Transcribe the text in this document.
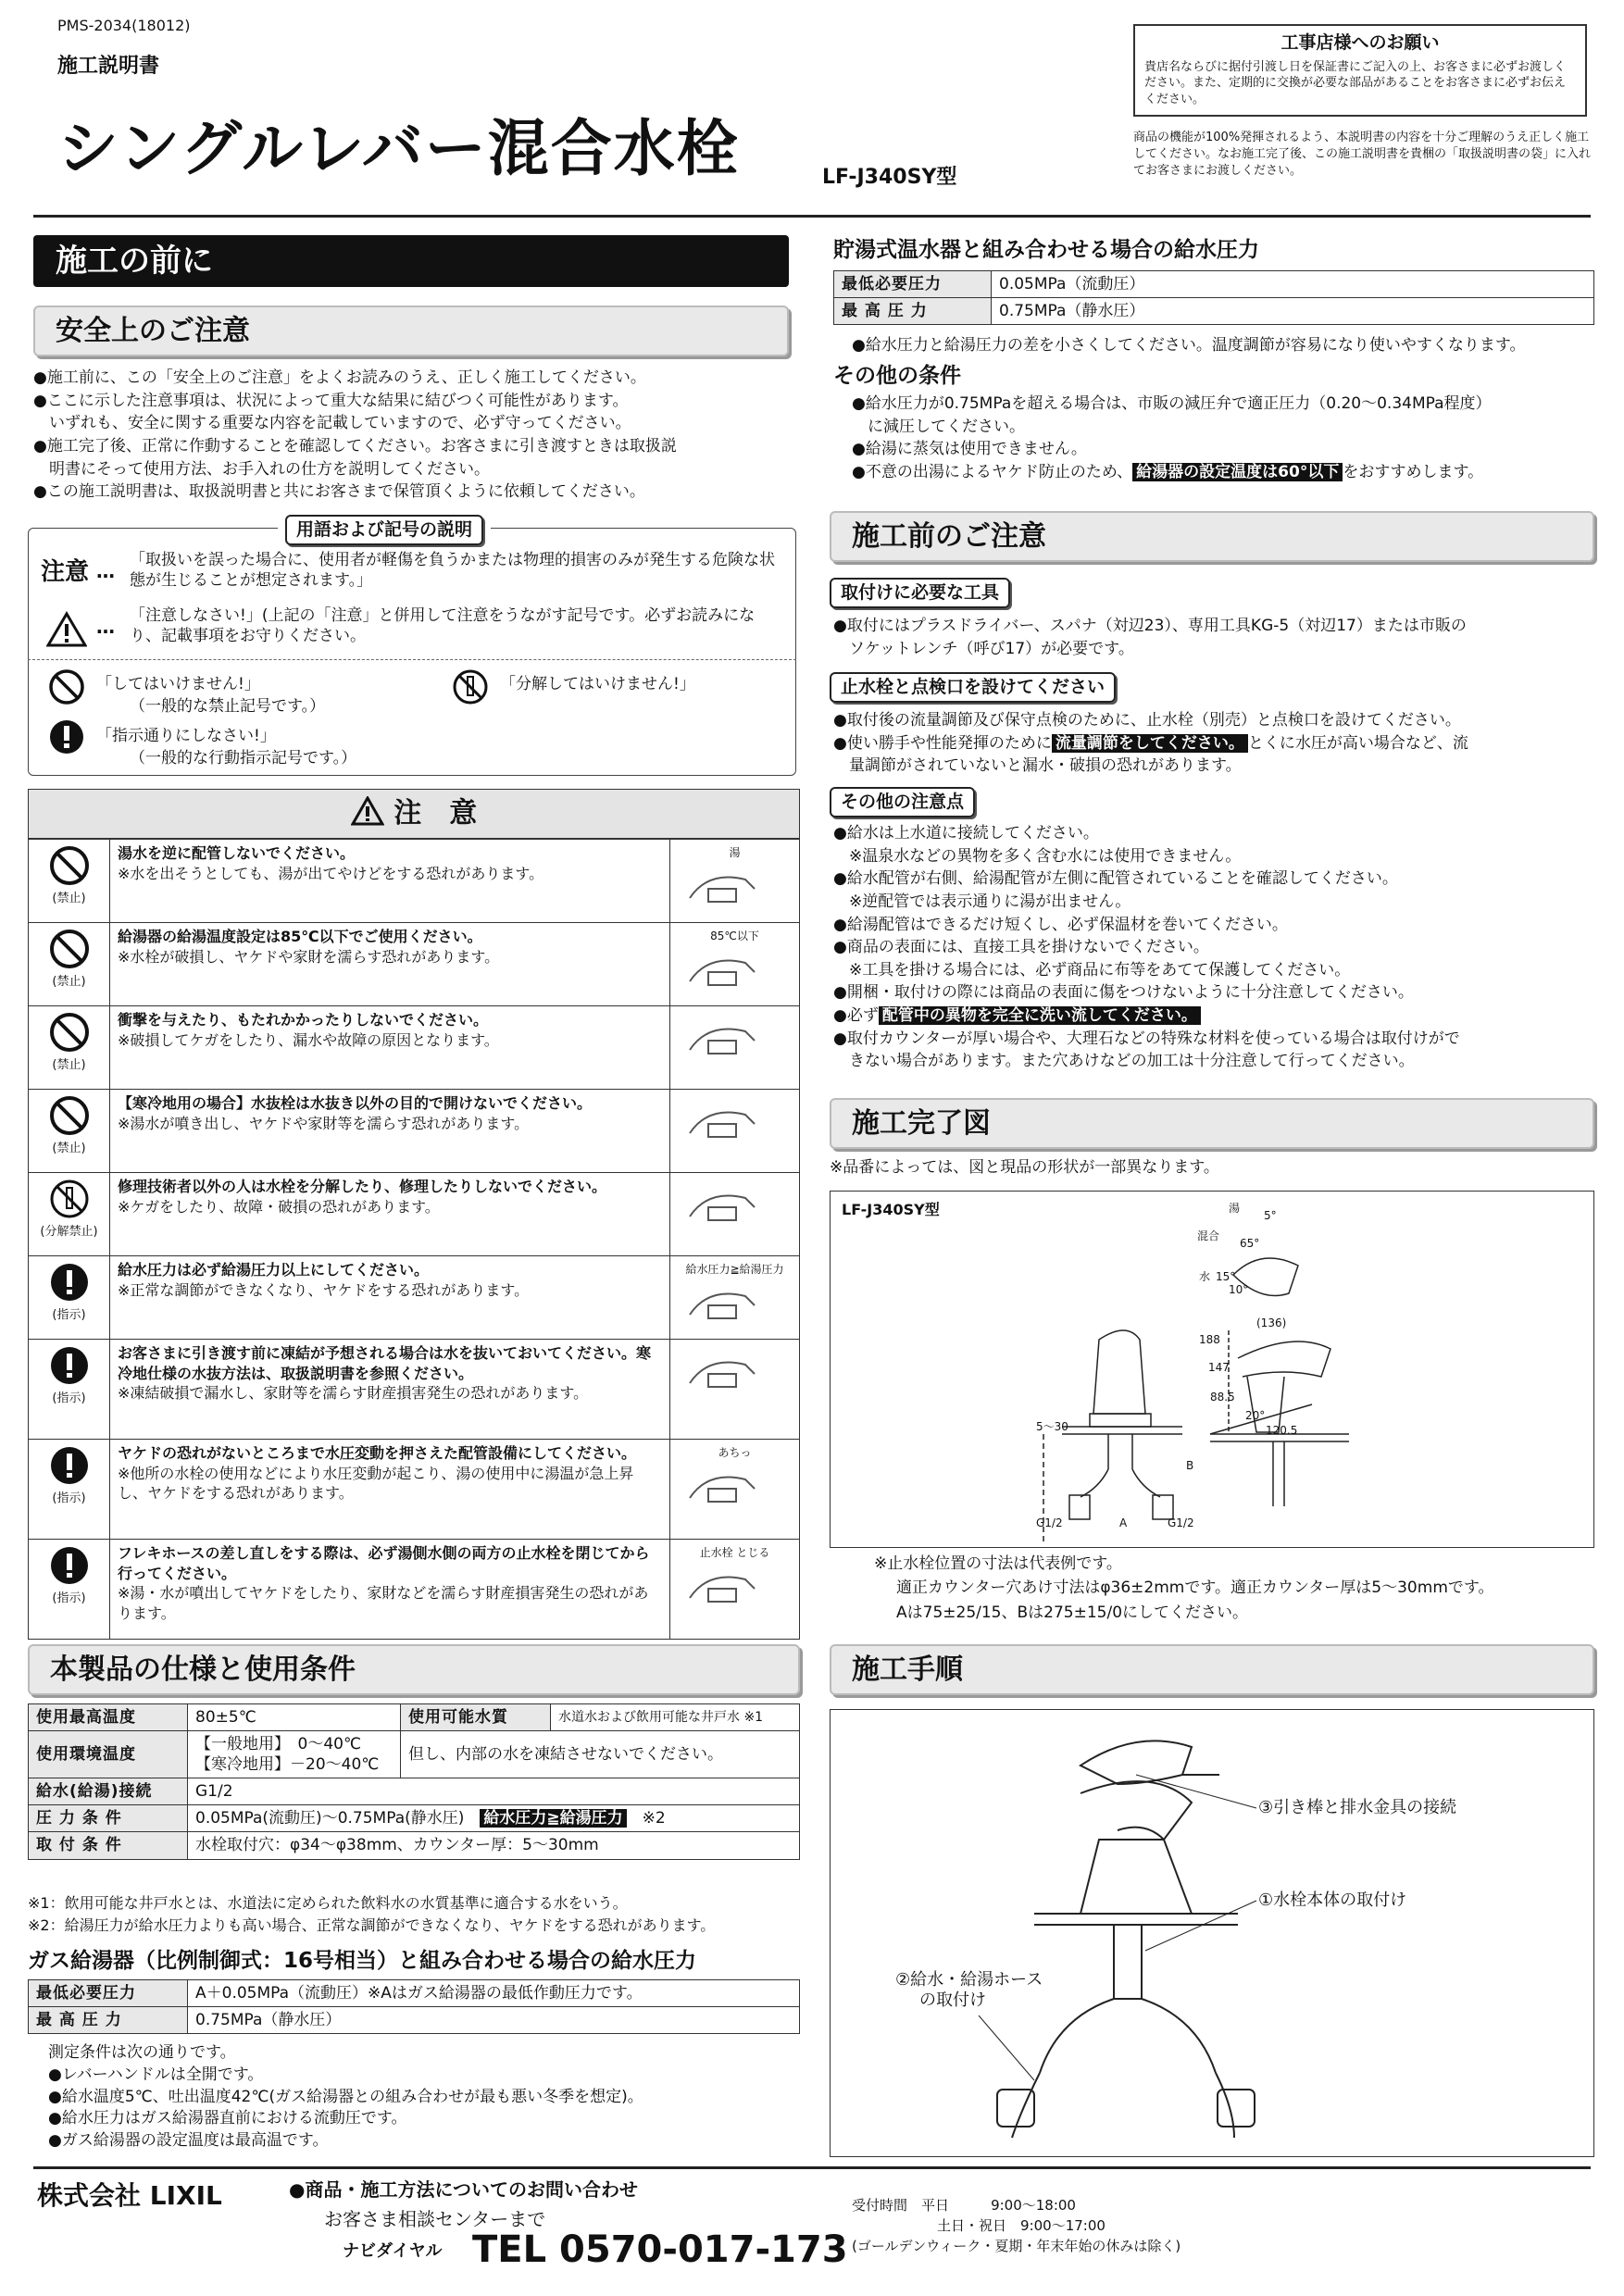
PMS-2034(18012)
施工説明書
シングルレバー混合水栓	LF-J340SY型
工事店様へのお願い
貴店名ならびに据付引渡し日を保証書にご記入の上、お客さまに必ずお渡しください。また、定期的に交換が必要な部品があることをお客さまに必ずお伝えください。
商品の機能が100%発揮されるよう、本説明書の内容を十分ご理解のうえ正しく施工してください。なお施工完了後、この施工説明書を貴梱の「取扱説明書の袋」に入れてお客さまにお渡しください。
施工の前に
安全上のご注意
●施工前に、この「安全上のご注意」をよくお読みのうえ、正しく施工してください。
●ここに示した注意事項は、状況によって重大な結果に結びつく可能性があります。
　いずれも、安全に関する重要な内容を記載していますので、必ず守ってください。
●施工完了後、正常に作動することを確認してください。お客さまに引き渡すときは取扱説
　明書にそって使用方法、お手入れの仕方を説明してください。
●この施工説明書は、取扱説明書と共にお客さまで保管頂くように依頼してください。
用語および記号の説明
注意 … 「取扱いを誤った場合に、使用者が軽傷を負うかまたは物理的損害のみが発生する危険な状態が生じることが想定されます。」
… 「注意しなさい!」(上記の「注意」と併用して注意をうながす記号です。必ずお読みになり、記載事項をお守りください。
「してはいけません!」
（一般的な禁止記号です。）
「分解してはいけません!」
「指示通りにしなさい!」
（一般的な行動指示記号です。）
注　意
(禁止)	湯水を逆に配管しないでください。
※水を出そうとしても、湯が出てやけどをする恐れがあります。	湯

(禁止)	給湯器の給湯温度設定は85℃以下でご使用ください。
※水栓が破損し、ヤケドや家財を濡らす恐れがあります。	85℃以下

(禁止)	衝撃を与えたり、もたれかかったりしないでください。
※破損してケガをしたり、漏水や故障の原因となります。

(禁止)	【寒冷地用の場合】水抜栓は水抜き以外の目的で開けないでください。
※湯水が噴き出し、ヤケドや家財等を濡らす恐れがあります。

(分解禁止)	修理技術者以外の人は水栓を分解したり、修理したりしないでください。
※ケガをしたり、故障・破損の恐れがあります。

(指示)	給水圧力は必ず給湯圧力以上にしてください。
※正常な調節ができなくなり、ヤケドをする恐れがあります。	給水圧力≧給湯圧力

(指示)	お客さまに引き渡す前に凍結が予想される場合は水を抜いておいてください。寒冷地仕様の水抜方法は、取扱説明書を参照ください。
※凍結破損で漏水し、家財等を濡らす財産損害発生の恐れがあります。

(指示)	ヤケドの恐れがないところまで水圧変動を押さえた配管設備にしてください。
※他所の水栓の使用などにより水圧変動が起こり、湯の使用中に湯温が急上昇し、ヤケドをする恐れがあります。	あちっ

(指示)	フレキホースの差し直しをする際は、必ず湯側水側の両方の止水栓を閉じてから行ってください。
※湯・水が噴出してヤケドをしたり、家財などを濡らす財産損害発生の恐れがあります。	止水栓 とじる
本製品の仕様と使用条件
使用最高温度	80±5℃	使用可能水質	水道水および飲用可能な井戸水 ※1
使用環境温度	【一般地用】　0〜40℃
【寒冷地用】－20〜40℃	但し、内部の水を凍結させないでください。	
給水(給湯)接続	G1/2		
圧 力 条 件	0.05MPa(流動圧)〜0.75MPa(静水圧)　 給水圧力≧給湯圧力　 ※2		
取 付 条 件	水栓取付穴：φ34〜φ38mm、カウンター厚：5〜30mm		
※1：飲用可能な井戸水とは、水道法に定められた飲料水の水質基準に適合する水をいう。
※2：給湯圧力が給水圧力よりも高い場合、正常な調節ができなくなり、ヤケドをする恐れがあります。
ガス給湯器（比例制御式：16号相当）と組み合わせる場合の給水圧力
最低必要圧力	A＋0.05MPa（流動圧）※Aはガス給湯器の最低作動圧力です。
最 高 圧 力	0.75MPa（静水圧）
測定条件は次の通りです。
●レバーハンドルは全開です。
●給水温度5℃、吐出温度42℃(ガス給湯器との組み合わせが最も悪い冬季を想定)。
●給水圧力はガス給湯器直前における流動圧です。
●ガス給湯器の設定温度は最高温です。
貯湯式温水器と組み合わせる場合の給水圧力
最低必要圧力	0.05MPa（流動圧）
最 高 圧 力	0.75MPa（静水圧）
●給水圧力と給湯圧力の差を小さくしてください。温度調節が容易になり使いやすくなります。
その他の条件
●給水圧力が0.75MPaを超える場合は、市販の減圧弁で適正圧力（0.20〜0.34MPa程度）
　に減圧してください。
●給湯に蒸気は使用できません。
●不意の出湯によるヤケド防止のため、 給湯器の設定温度は60°以下 をおすすめします。
施工前のご注意
取付けに必要な工具
●取付にはプラスドライバー、スパナ（対辺23）、専用工具KG-5（対辺17）または市販の
　ソケットレンチ（呼び17）が必要です。
止水栓と点検口を設けてください
●取付後の流量調節及び保守点検のために、止水栓（別売）と点検口を設けてください。
●使い勝手や性能発揮のために 流量調節をしてください。 とくに水圧が高い場合など、流
　量調節がされていないと漏水・破損の恐れがあります。
その他の注意点
●給水は上水道に接続してください。
　※温泉水などの異物を多く含む水には使用できません。
●給水配管が右側、給湯配管が左側に配管されていることを確認してください。
　※逆配管では表示通りに湯が出ません。
●給湯配管はできるだけ短くし、必ず保温材を巻いてください。
●商品の表面には、直接工具を掛けないでください。
　※工具を掛ける場合には、必ず商品に布等をあてて保護してください。
●開梱・取付けの際には商品の表面に傷をつけないように十分注意してください。
●必ず 配管中の異物を完全に洗い流してください。
●取付カウンターが厚い場合や、大理石などの特殊な材料を使っている場合は取付けがで
　きない場合があります。また穴あけなどの加工は十分注意して行ってください。
施工完了図
※品番によっては、図と現品の形状が一部異なります。
LF-J340SY型	湯
5°
混合
65°
水 15°
10°
(136)
188
147
88.5
20°
120.5
5〜30
G1/2	G1/2
A
B
※止水栓位置の寸法は代表例です。
適正カウンター穴あけ寸法はφ36±2mmです。適正カウンター厚は5〜30mmです。
Aは75±25/15、Bは275±15/0にしてください。
施工手順
③引き棒と排水金具の接続
①水栓本体の取付け
②給水・給湯ホース
の取付け
株式会社 LIXIL	●商品・施工方法についてのお問い合わせ
お客さま相談センターまで
ナビダイヤル TEL 0570-017-173
受付時間　 平日　　　	9:00〜18:00
土日・祝日　 9:00〜17:00
(ゴールデンウィーク・夏期・年末年始の休みは除く)
